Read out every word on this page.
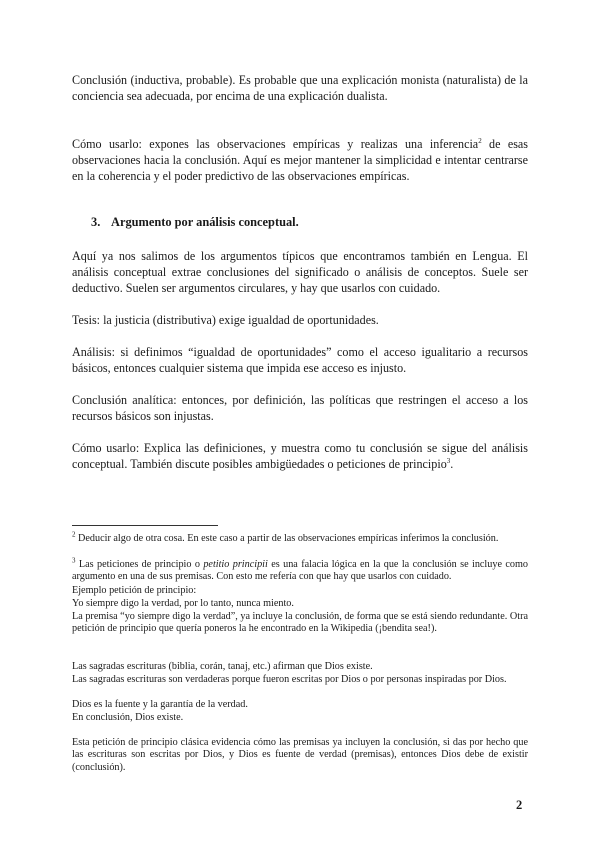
Conclusión (inductiva, probable). Es probable que una explicación monista (naturalista) de la conciencia sea adecuada, por encima de una explicación dualista.

Cómo usarlo: expones las observaciones empíricas y realizas una inferencia$^2$ de esas observaciones hacia la conclusión. Aquí es mejor mantener la simplicidad e intentar centrarse en la coherencia y el poder predictivo de las observaciones empíricas.

3. Argumento por análisis conceptual.

Aquí ya nos salimos de los argumentos típicos que encontramos también en Lengua. El análisis conceptual extrae conclusiones del significado o análisis de conceptos. Suele ser deductivo. Suelen ser argumentos circulares, y hay que usarlos con cuidado.

Tesis: la justicia (distributiva) exige igualdad de oportunidades.

Análisis: si definimos “igualdad de oportunidades” como el acceso igualitario a recursos básicos, entonces cualquier sistema que impida ese acceso es injusto.

Conclusión analítica: entonces, por definición, las políticas que restringen el acceso a los recursos básicos son injustas.

Cómo usarlo: Explica las definiciones, y muestra como tu conclusión se sigue del análisis conceptual. También discute posibles ambigüedades o peticiones de principio$^3$.

$^2$ Deducir algo de otra cosa. En este caso a partir de las observaciones empíricas inferimos la conclusión.

$^3$ Las peticiones de principio o petitio principii es una falacia lógica en la que la conclusión se incluye como argumento en una de sus premisas. Con esto me refería con que hay que usarlos con cuidado.

Ejemplo petición de principio:

Yo siempre digo la verdad, por lo tanto, nunca miento.

La premisa “yo siempre digo la verdad”, ya incluye la conclusión, de forma que se está siendo redundante. Otra petición de principio que quería poneros la he encontrado en la Wikipedia (¡bendita sea!).

Las sagradas escrituras (biblia, corán, tanaj, etc.) afirman que Dios existe.

Las sagradas escrituras son verdaderas porque fueron escritas por Dios o por personas inspiradas por Dios.

Dios es la fuente y la garantía de la verdad.

En conclusión, Dios existe.

Esta petición de principio clásica evidencia cómo las premisas ya incluyen la conclusión, si das por hecho que las escrituras son escritas por Dios, y Dios es fuente de verdad (premisas), entonces Dios debe de existir (conclusión).

2
